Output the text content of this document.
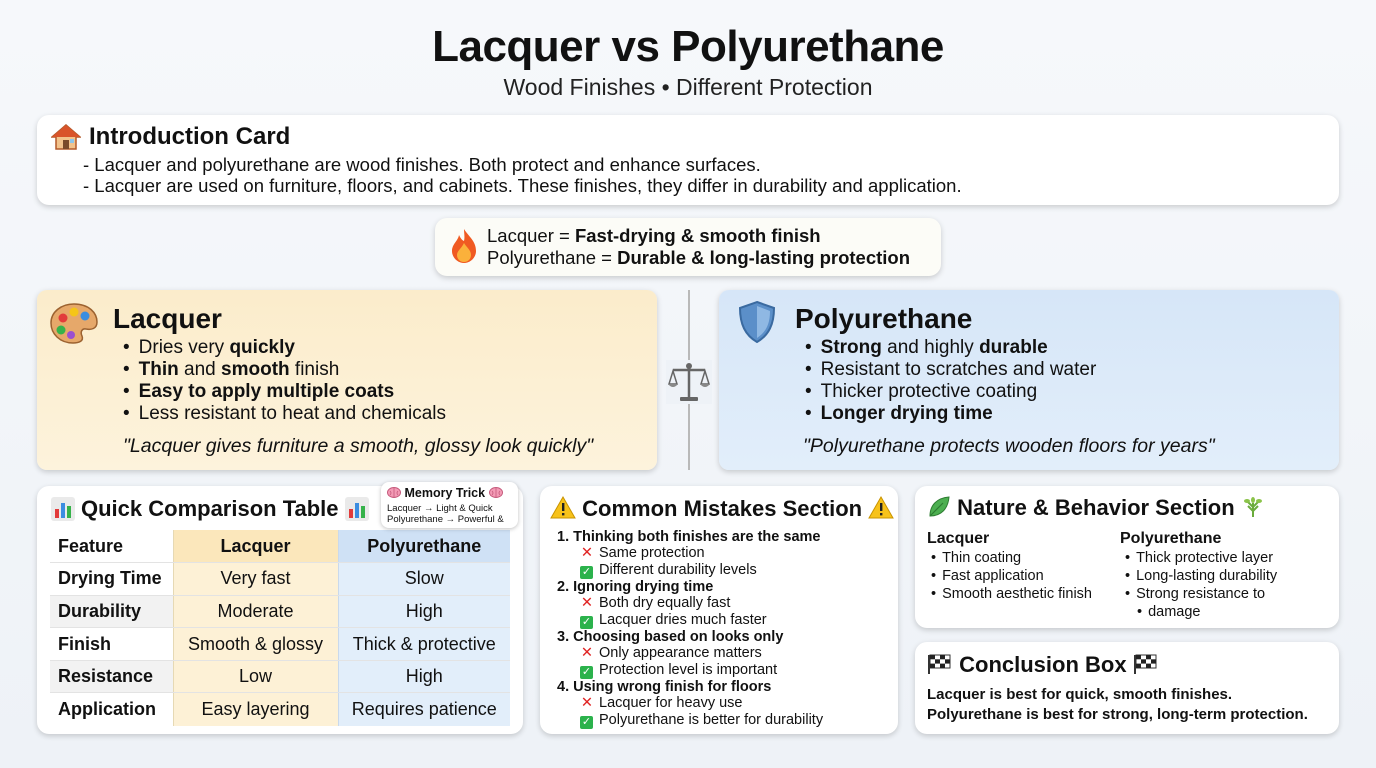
Lacquer vs Polyurethane
Wood Finishes • Different Protection
Introduction Card
- Lacquer and polyurethane are wood finishes. Both protect and enhance surfaces.
- Lacquer are used on furniture, floors, and cabinets. These finishes, they differ in durability and application.
Lacquer = Fast-drying & smooth finish
Polyurethane = Durable & long-lasting protection
Lacquer
• Dries very quickly
• Thin and smooth finish
• Easy to apply multiple coats
• Less resistant to heat and chemicals
"Lacquer gives furniture a smooth, glossy look quickly"
Polyurethane
• Strong and highly durable
• Resistant to scratches and water
• Thicker protective coating
• Longer drying time
"Polyurethane protects wooden floors for years"
Quick Comparison Table
Feature	Lacquer	Polyurethane
Drying Time	Very fast	Slow
Durability	Moderate	High
Finish	Smooth & glossy	Thick & protective
Resistance	Low	High
Application	Easy layering	Requires patience
Memory Trick
Lacquer → Light & Quick
Polyurethane → Powerful &	Common Mistakes Section
1. Thinking both finishes are the same
✕ Same protection
✓ Different durability levels
2. Ignoring drying time
✕ Both dry equally fast
✓ Lacquer dries much faster
3. Choosing based on looks only
✕ Only appearance matters
✓ Protection level is important
4. Using wrong finish for floors
✕ Lacquer for heavy use
✓ Polyurethane is better for durability
Nature & Behavior Section
Lacquer
• Thin coating
• Fast application
• Smooth aesthetic finish
Polyurethane
• Thick protective layer
• Long-lasting durability
• Strong resistance to
• damage
Conclusion Box
Lacquer is best for quick, smooth finishes.
Polyurethane is best for strong, long-term protection.
